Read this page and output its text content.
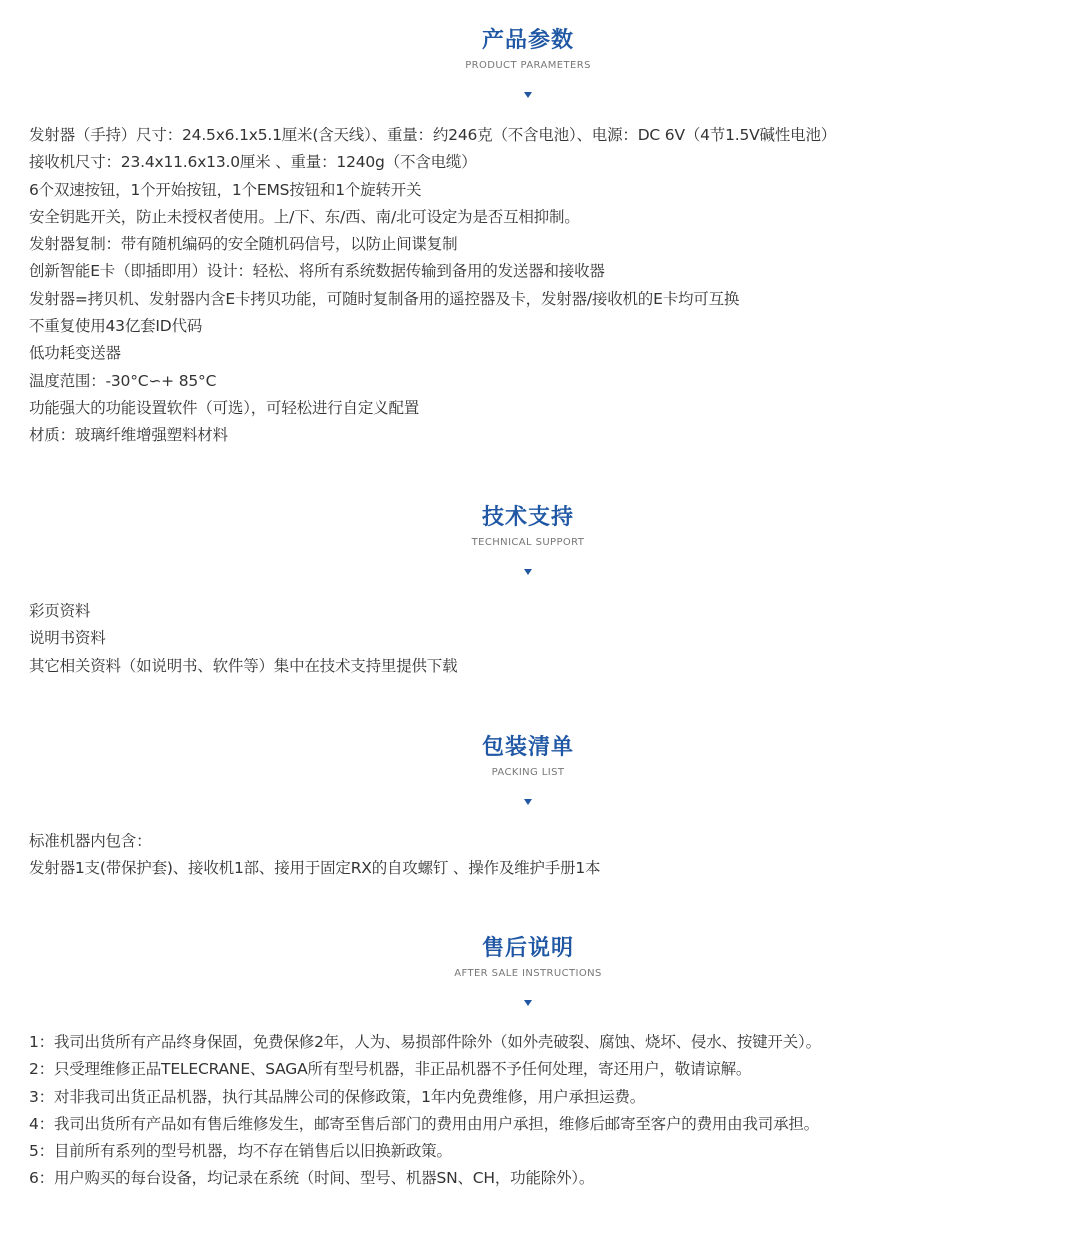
产品参数
PRODUCT PARAMETERS
发射器（手持）尺寸：24.5x6.1x5.1厘米(含天线）、重量：约246克（不含电池）、电源：DC 6V（4节1.5V碱性电池）
接收机尺寸：23.4x11.6x13.0厘米 、重量：1240g（不含电缆）
6个双速按钮，1个开始按钮，1个EMS按钮和1个旋转开关
安全钥匙开关，防止未授权者使用。上/下、东/西、南/北可设定为是否互相抑制。
发射器复制：带有随机编码的安全随机码信号，以防止间谍复制
创新智能E卡（即插即用）设计：轻松、将所有系统数据传输到备用的发送器和接收器
发射器=拷贝机、发射器内含E卡拷贝功能，可随时复制备用的遥控器及卡，发射器/接收机的E卡均可互换
不重复使用43亿套ID代码
低功耗变送器
温度范围：-30°C∽+ 85°C
功能强大的功能设置软件（可选），可轻松进行自定义配置
材质：玻璃纤维增强塑料材料
技术支持
TECHNICAL SUPPORT
彩页资料
说明书资料
其它相关资料（如说明书、软件等）集中在技术支持里提供下载
包装清单
PACKING LIST
标准机器内包含：
发射器1支(带保护套)、接收机1部、接用于固定RX的自攻螺钉 、操作及维护手册1本
售后说明
AFTER SALE INSTRUCTIONS
1：我司出货所有产品终身保固，免费保修2年，人为、易损部件除外（如外壳破裂、腐蚀、烧坏、侵水、按键开关）。
2：只受理维修正品TELECRANE、SAGA所有型号机器，非正品机器不予任何处理，寄还用户，敬请谅解。
3：对非我司出货正品机器，执行其品牌公司的保修政策，1年内免费维修，用户承担运费。
4：我司出货所有产品如有售后维修发生，邮寄至售后部门的费用由用户承担，维修后邮寄至客户的费用由我司承担。
5：目前所有系列的型号机器，均不存在销售后以旧换新政策。
6：用户购买的每台设备，均记录在系统（时间、型号、机器SN、CH，功能除外）。
